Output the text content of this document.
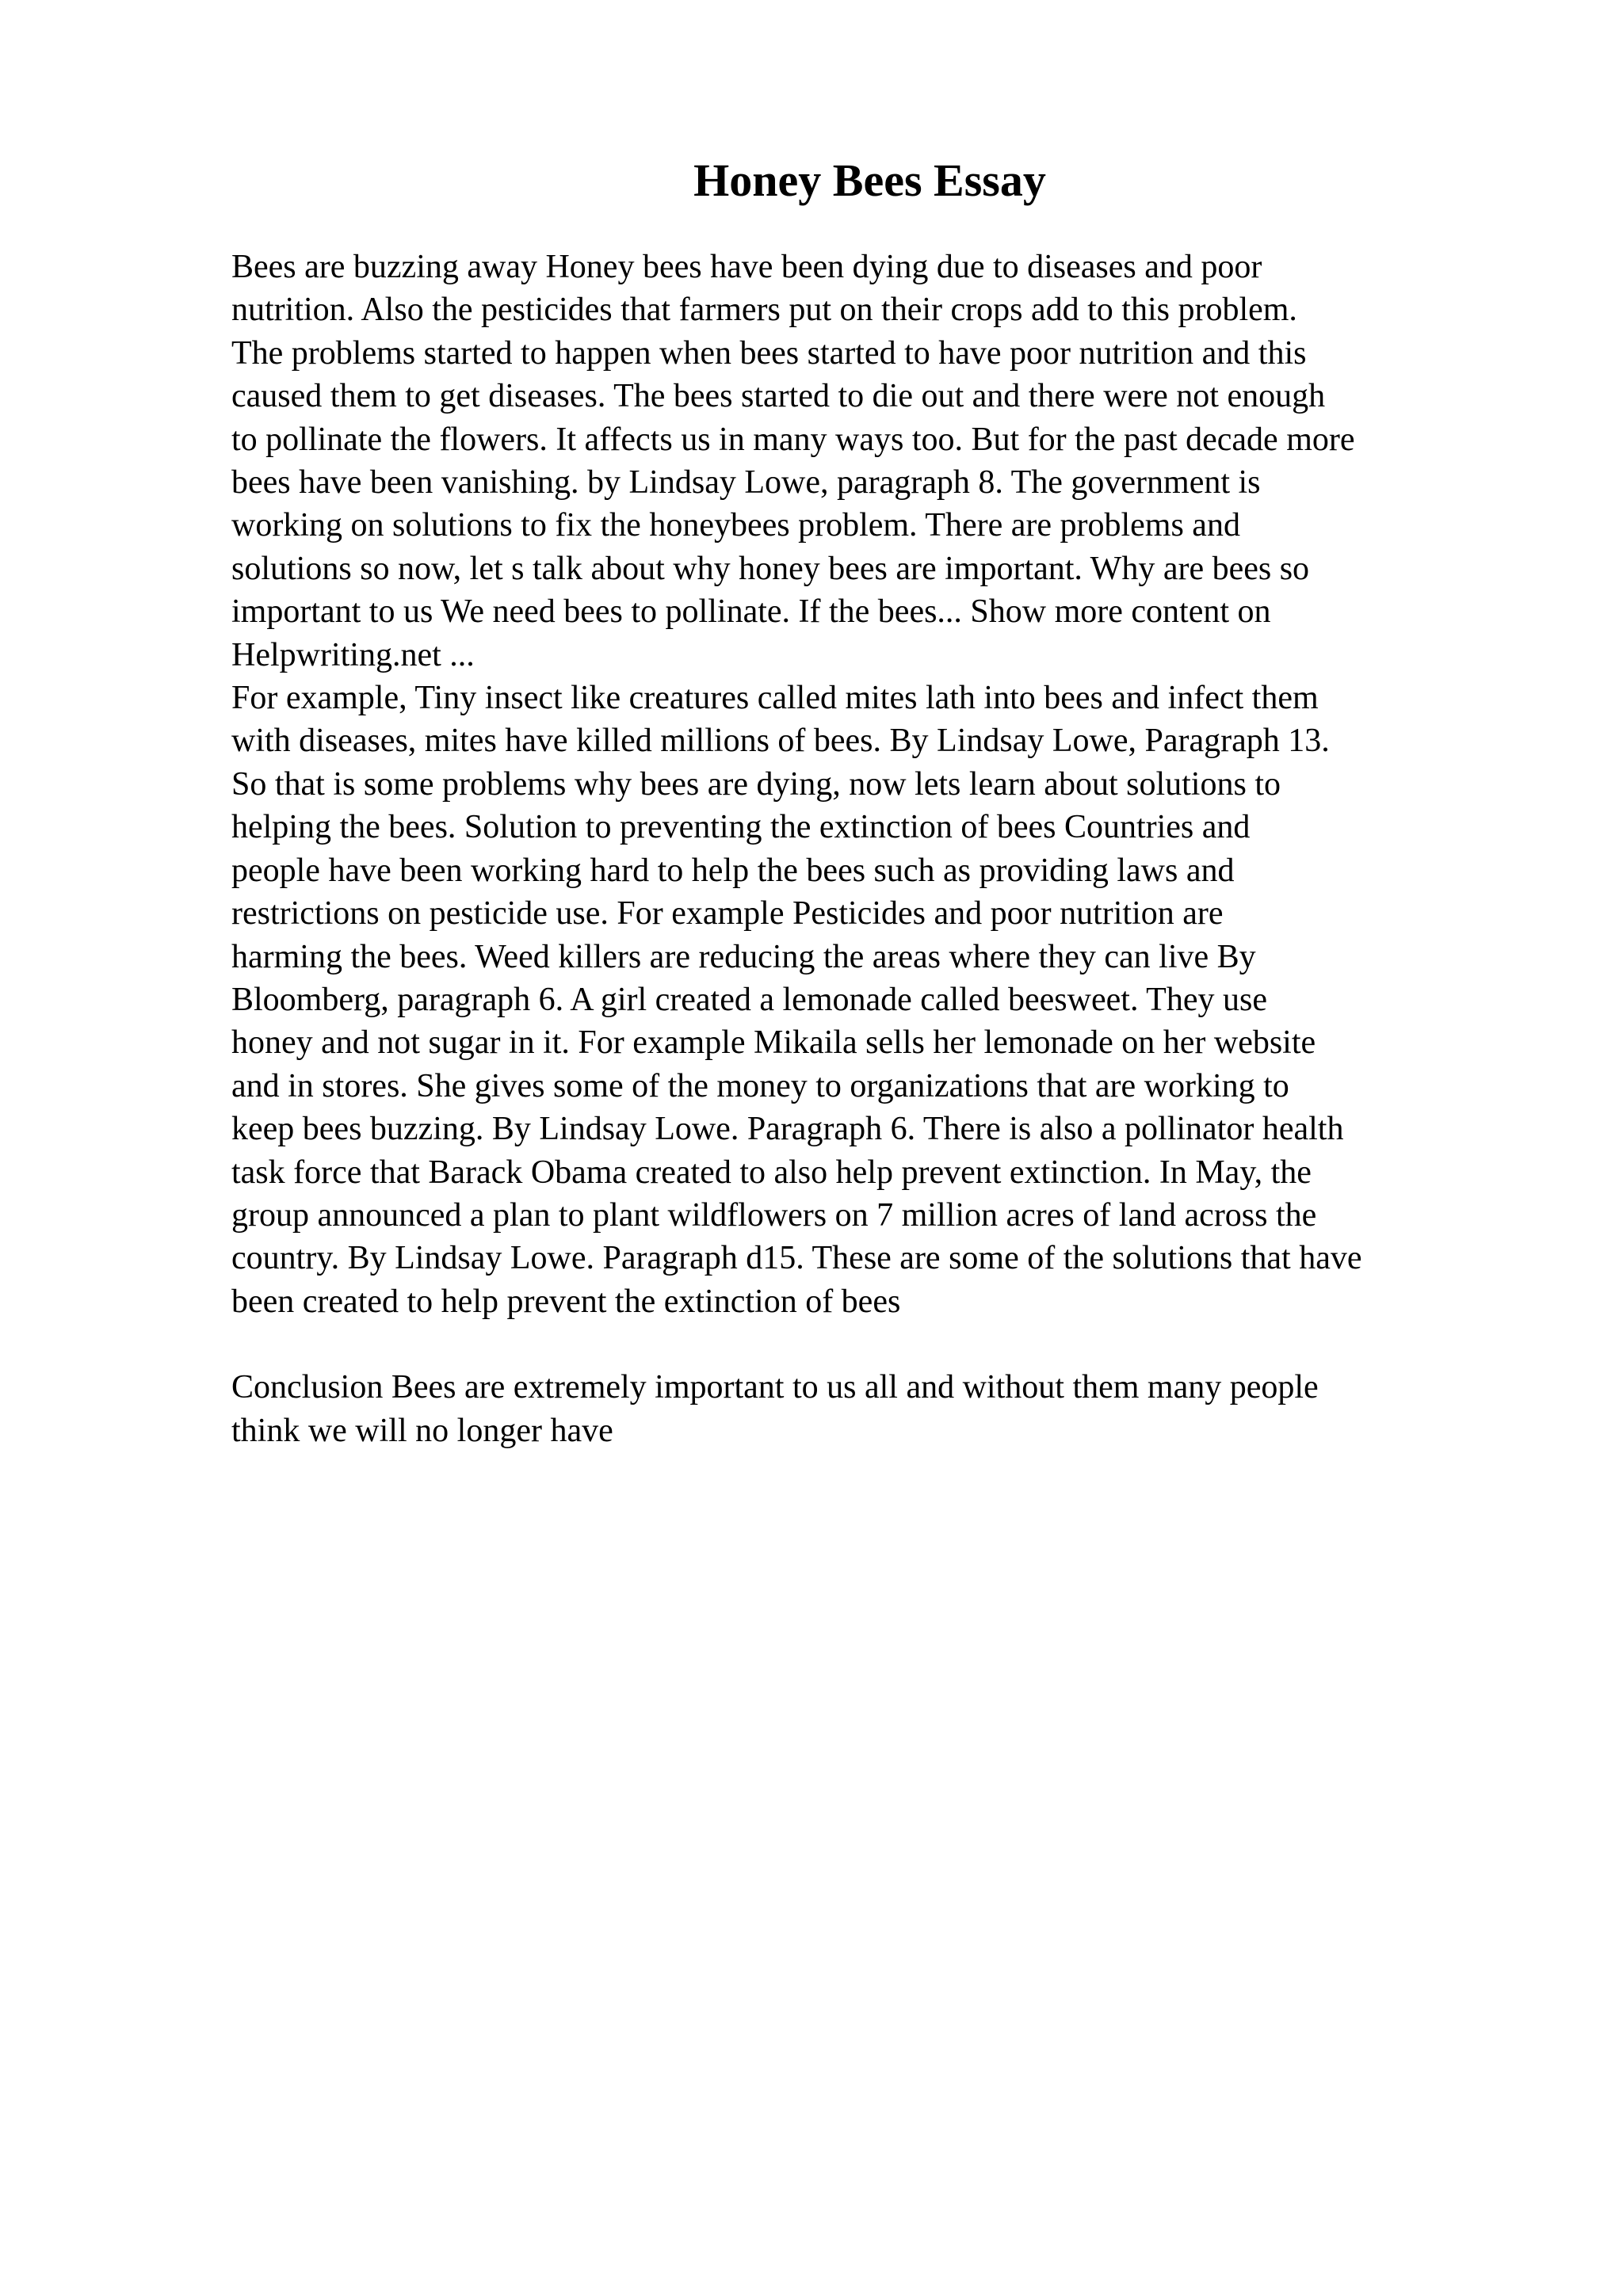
Honey Bees Essay

Bees are buzzing away Honey bees have been dying due to diseases and poor

nutrition. Also the pesticides that farmers put on their crops add to this problem.

The problems started to happen when bees started to have poor nutrition and this

caused them to get diseases. The bees started to die out and there were not enough

to pollinate the flowers. It affects us in many ways too. But for the past decade more

bees have been vanishing. by Lindsay Lowe, paragraph 8. The government is

working on solutions to fix the honeybees problem. There are problems and

solutions so now, let s talk about why honey bees are important. Why are bees so

important to us We need bees to pollinate. If the bees... Show more content on

Helpwriting.net ...

For example, Tiny insect like creatures called mites lath into bees and infect them

with diseases, mites have killed millions of bees. By Lindsay Lowe, Paragraph 13.

So that is some problems why bees are dying, now lets learn about solutions to

helping the bees. Solution to preventing the extinction of bees Countries and

people have been working hard to help the bees such as providing laws and

restrictions on pesticide use. For example Pesticides and poor nutrition are

harming the bees. Weed killers are reducing the areas where they can live By

Bloomberg, paragraph 6. A girl created a lemonade called beesweet. They use

honey and not sugar in it. For example Mikaila sells her lemonade on her website

and in stores. She gives some of the money to organizations that are working to

keep bees buzzing. By Lindsay Lowe. Paragraph 6. There is also a pollinator health

task force that Barack Obama created to also help prevent extinction. In May, the

group announced a plan to plant wildflowers on 7 million acres of land across the

country. By Lindsay Lowe. Paragraph d15. These are some of the solutions that have

been created to help prevent the extinction of bees

Conclusion Bees are extremely important to us all and without them many people

think we will no longer have
